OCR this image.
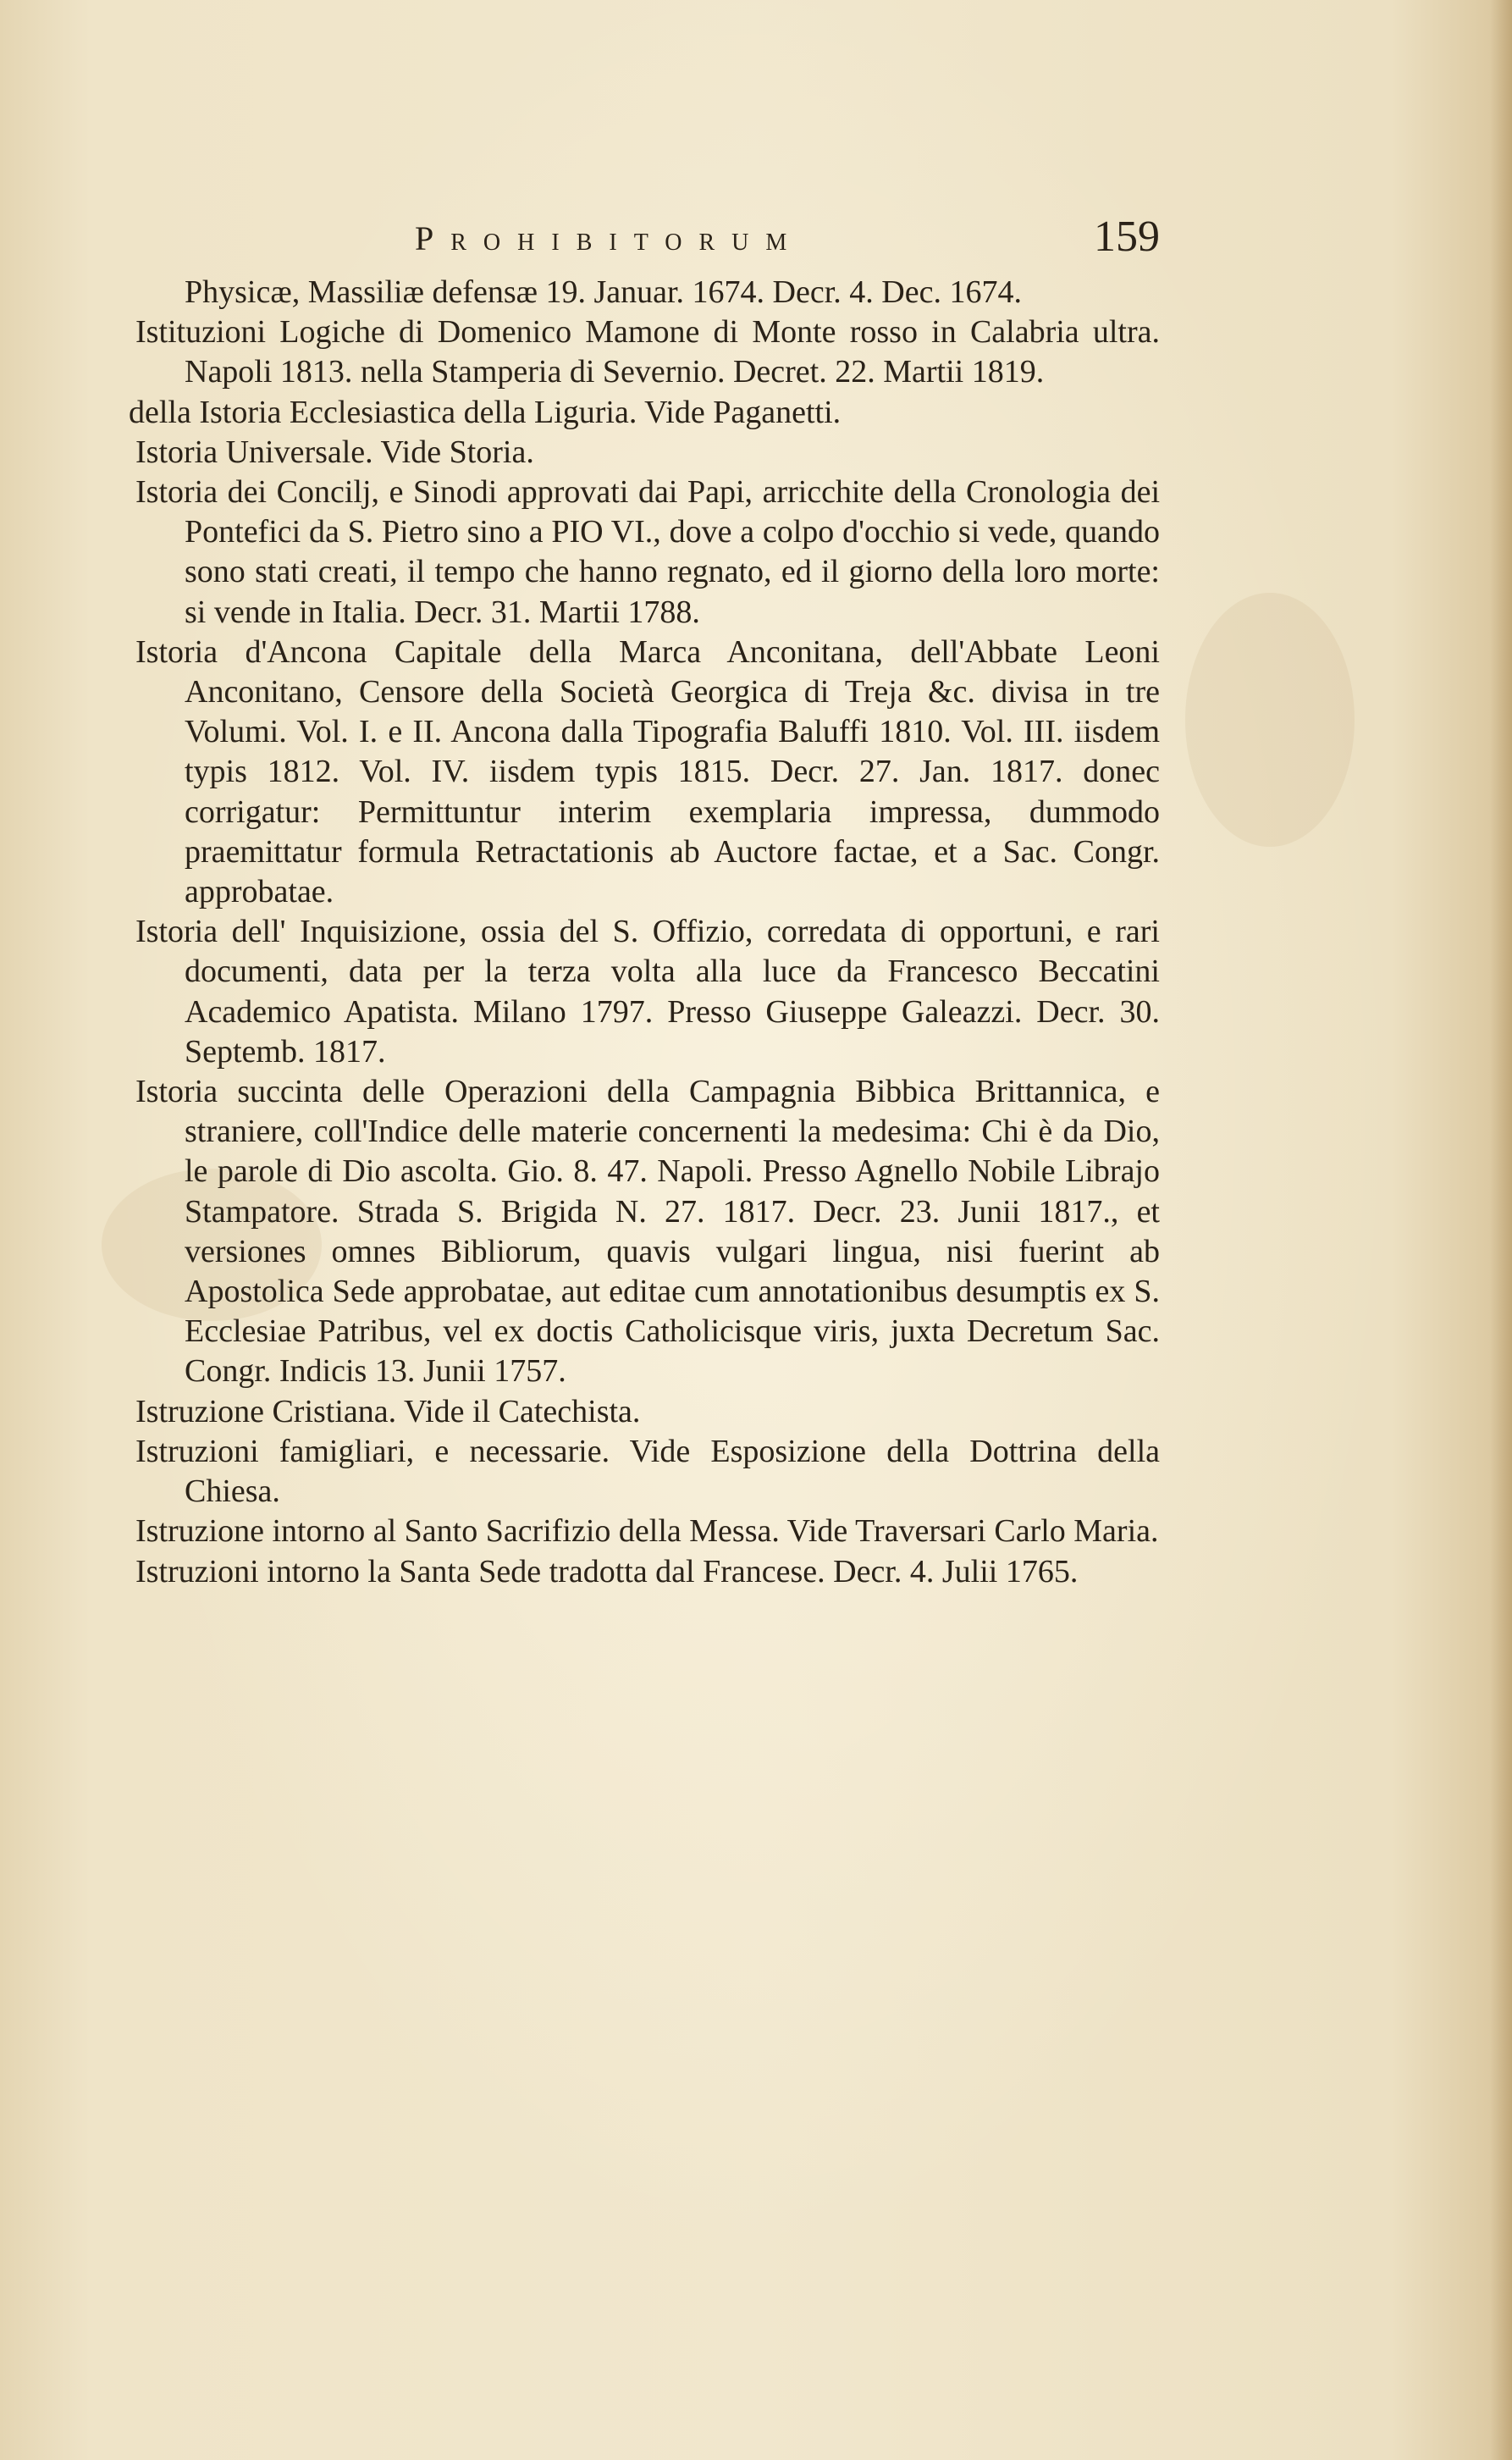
Prohibitorum	159

Physicæ, Massiliæ defensæ 19. Januar. 1674. Decr. 4. Dec. 1674.

Istituzioni Logiche di Domenico Mamone di Monte rosso in Calabria ultra. Napoli 1813. nella Stamperia di Severnio. Decret. 22. Martii 1819.

della Istoria Ecclesiastica della Liguria. Vide Paganetti.

Istoria Universale. Vide Storia.

Istoria dei Concilj, e Sinodi approvati dai Papi, arricchite della Cronologia dei Pontefici da S. Pietro sino a PIO VI., dove a colpo d'occhio si vede, quando sono stati creati, il tempo che hanno regnato, ed il giorno della loro morte: si vende in Italia. Decr. 31. Martii 1788.

Istoria d'Ancona Capitale della Marca Anconitana, dell'Abbate Leoni Anconitano, Censore della Società Georgica di Treja &c. divisa in tre Volumi. Vol. I. e II. Ancona dalla Tipografia Baluffi 1810. Vol. III. iisdem typis 1812. Vol. IV. iisdem typis 1815. Decr. 27. Jan. 1817. donec corrigatur: Permittuntur interim exemplaria impressa, dummodo praemittatur formula Retractationis ab Auctore factae, et a Sac. Congr. approbatae.

Istoria dell' Inquisizione, ossia del S. Offizio, corredata di opportuni, e rari documenti, data per la terza volta alla luce da Francesco Beccatini Academico Apatista. Milano 1797. Presso Giuseppe Galeazzi. Decr. 30. Septemb. 1817.

Istoria succinta delle Operazioni della Campagnia Bibbica Brittannica, e straniere, coll'Indice delle materie concernenti la medesima: Chi è da Dio, le parole di Dio ascolta. Gio. 8. 47. Napoli. Presso Agnello Nobile Librajo Stampatore. Strada S. Brigida N. 27. 1817. Decr. 23. Junii 1817., et versiones omnes Bibliorum, quavis vulgari lingua, nisi fuerint ab Apostolica Sede approbatae, aut editae cum annotationibus desumptis ex S. Ecclesiae Patribus, vel ex doctis Catholicisque viris, juxta Decretum Sac. Congr. Indicis 13. Junii 1757.

Istruzione Cristiana. Vide il Catechista.

Istruzioni famigliari, e necessarie. Vide Esposizione della Dottrina della Chiesa.

Istruzione intorno al Santo Sacrifizio della Messa. Vide Traversari Carlo Maria.

Istruzioni intorno la Santa Sede tradotta dal Francese. Decr. 4. Julii 1765.
